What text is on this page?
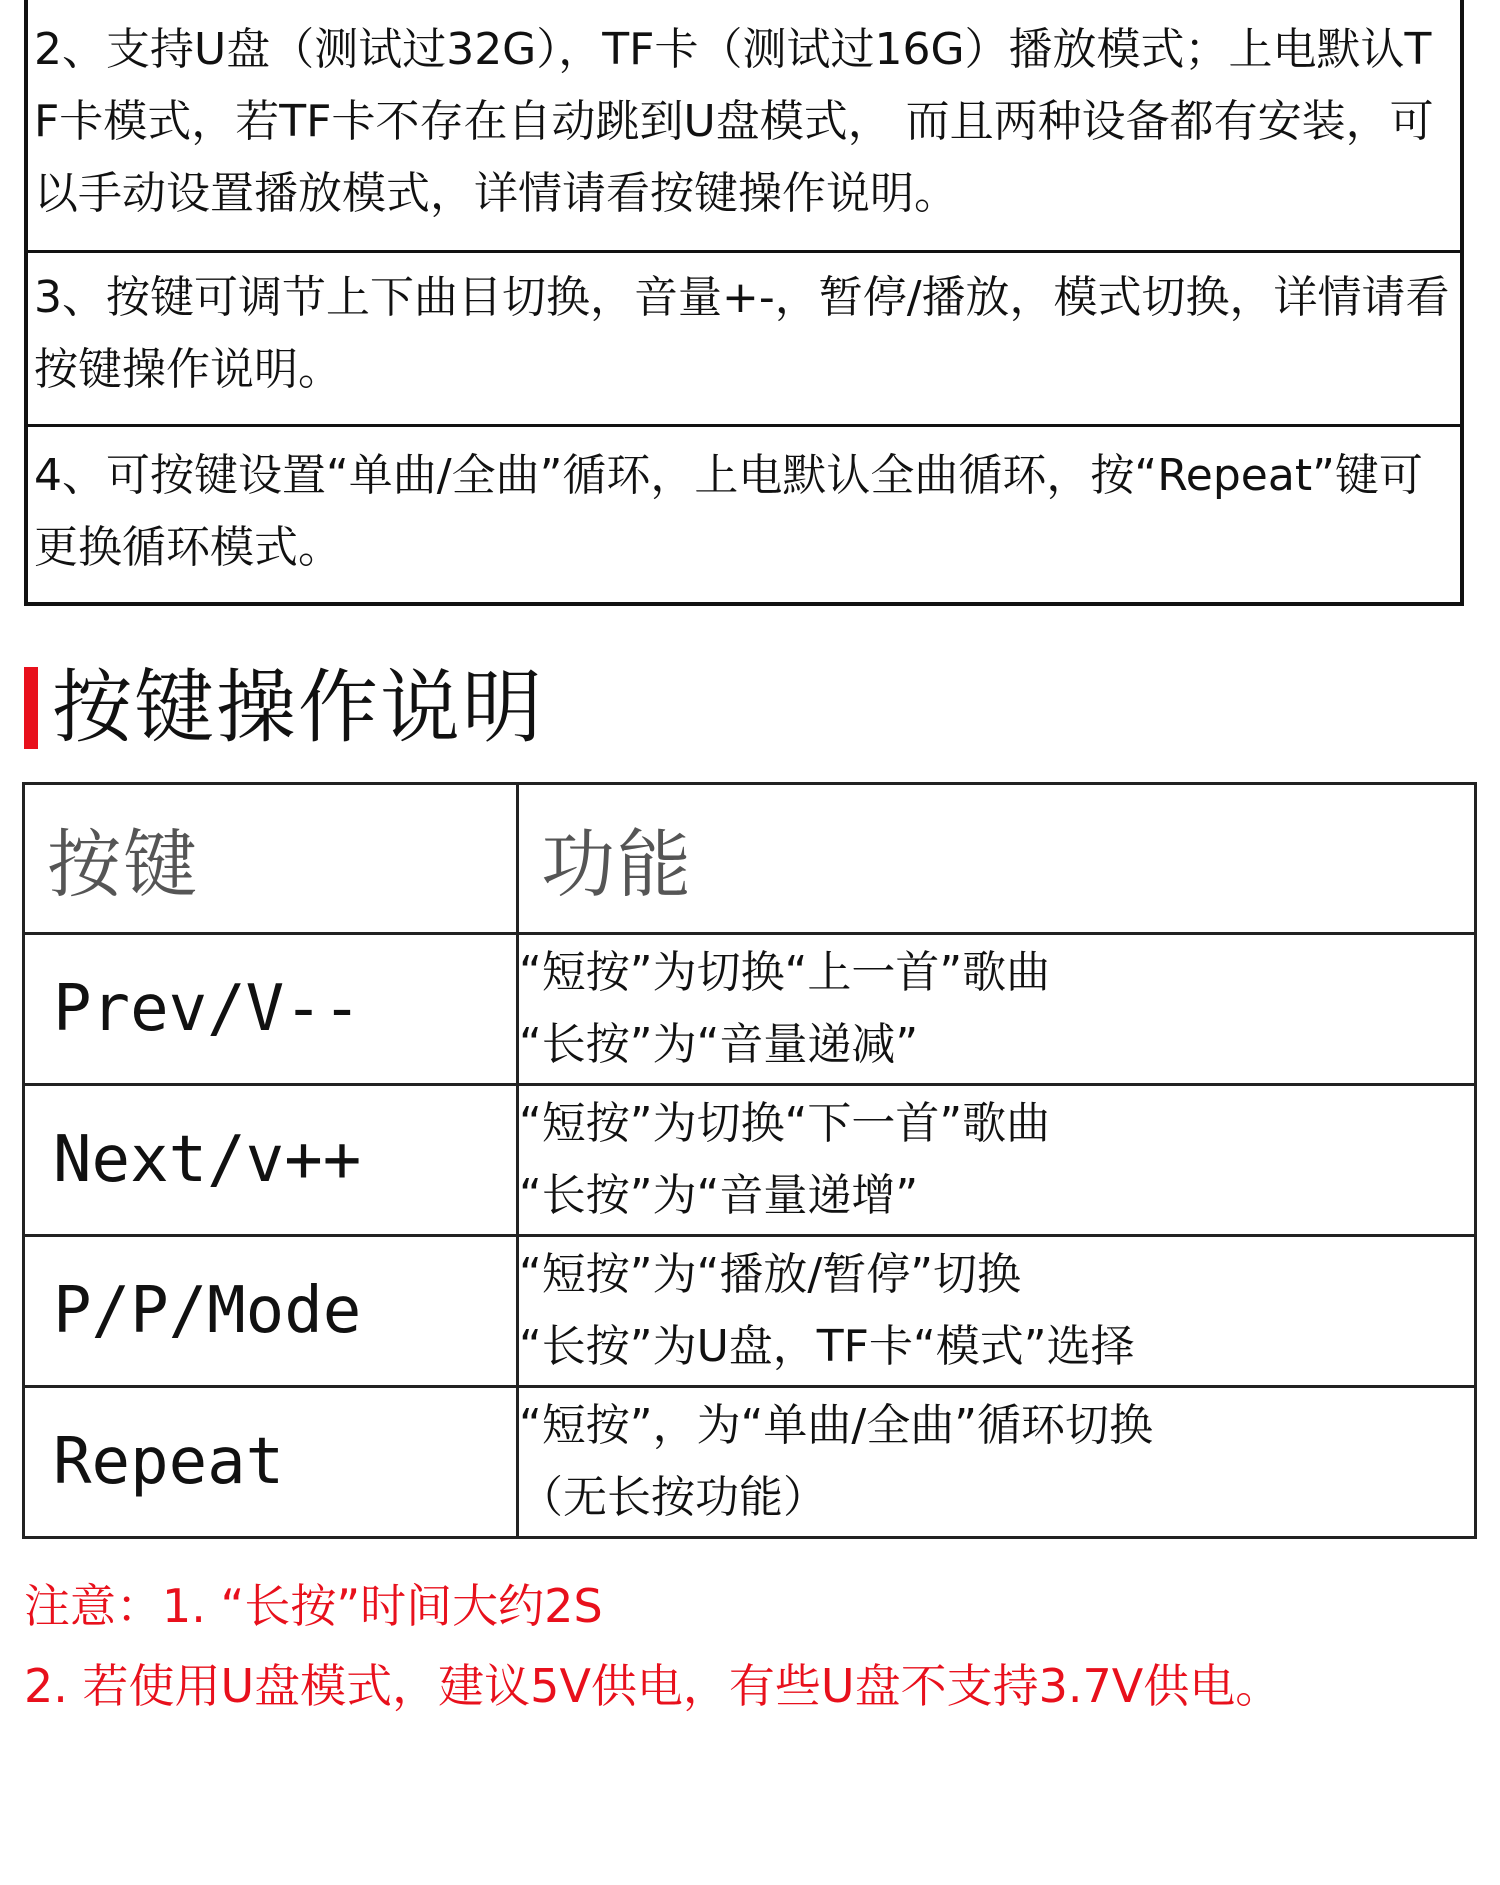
2、支持U盘（测试过32G），TF卡（测试过16G）播放模式；上电默认TF卡模式，若TF卡不存在自动跳到U盘模式， 而且两种设备都有安装，可以手动设置播放模式，详情请看按键操作说明。
3、按键可调节上下曲目切换，音量+-，暂停/播放，模式切换，详情请看按键操作说明。
4、可按键设置“单曲/全曲”循环，上电默认全曲循环，按“Repeat”键可更换循环模式。
按键操作说明
按键	功能
Prev/V--	“短按”为切换“上一首”歌曲
“长按”为“音量递减”

Next/v++	“短按”为切换“下一首”歌曲
“长按”为“音量递增”

P/P/Mode	“短按”为“播放/暂停”切换
“长按”为U盘，TF卡“模式”选择

Repeat	“短按”，为“单曲/全曲”循环切换
（无长按功能）
注意：1. “长按”时间大约2S
2. 若使用U盘模式，建议5V供电，有些U盘不支持3.7V供电。
